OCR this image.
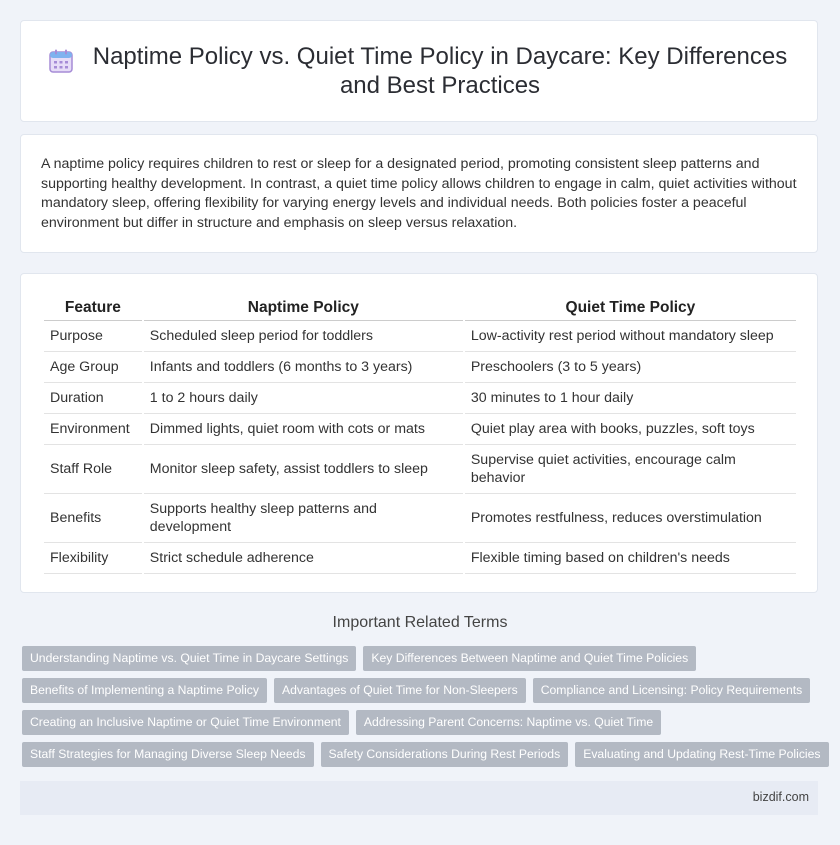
Naptime Policy vs. Quiet Time Policy in Daycare: Key Differences and Best Practices

A naptime policy requires children to rest or sleep for a designated period, promoting consistent sleep patterns and supporting healthy development. In contrast, a quiet time policy allows children to engage in calm, quiet activities without mandatory sleep, offering flexibility for varying energy levels and individual needs. Both policies foster a peaceful environment but differ in structure and emphasis on sleep versus relaxation.

Feature	Naptime Policy	Quiet Time Policy
Purpose	Scheduled sleep period for toddlers	Low-activity rest period without mandatory sleep
Age Group	Infants and toddlers (6 months to 3 years)	Preschoolers (3 to 5 years)
Duration	1 to 2 hours daily	30 minutes to 1 hour daily
Environment	Dimmed lights, quiet room with cots or mats	Quiet play area with books, puzzles, soft toys
Staff Role	Monitor sleep safety, assist toddlers to sleep	Supervise quiet activities, encourage calm behavior
Benefits	Supports healthy sleep patterns and development	Promotes restfulness, reduces overstimulation
Flexibility	Strict schedule adherence	Flexible timing based on children's needs
Important Related Terms
Understanding Naptime vs. Quiet Time in Daycare Settings	Key Differences Between Naptime and Quiet Time Policies
Benefits of Implementing a Naptime Policy	Advantages of Quiet Time for Non-Sleepers	Compliance and Licensing: Policy Requirements
Creating an Inclusive Naptime or Quiet Time Environment	Addressing Parent Concerns: Naptime vs. Quiet Time
Staff Strategies for Managing Diverse Sleep Needs	Safety Considerations During Rest Periods	Evaluating and Updating Rest-Time Policies
bizdif.com
